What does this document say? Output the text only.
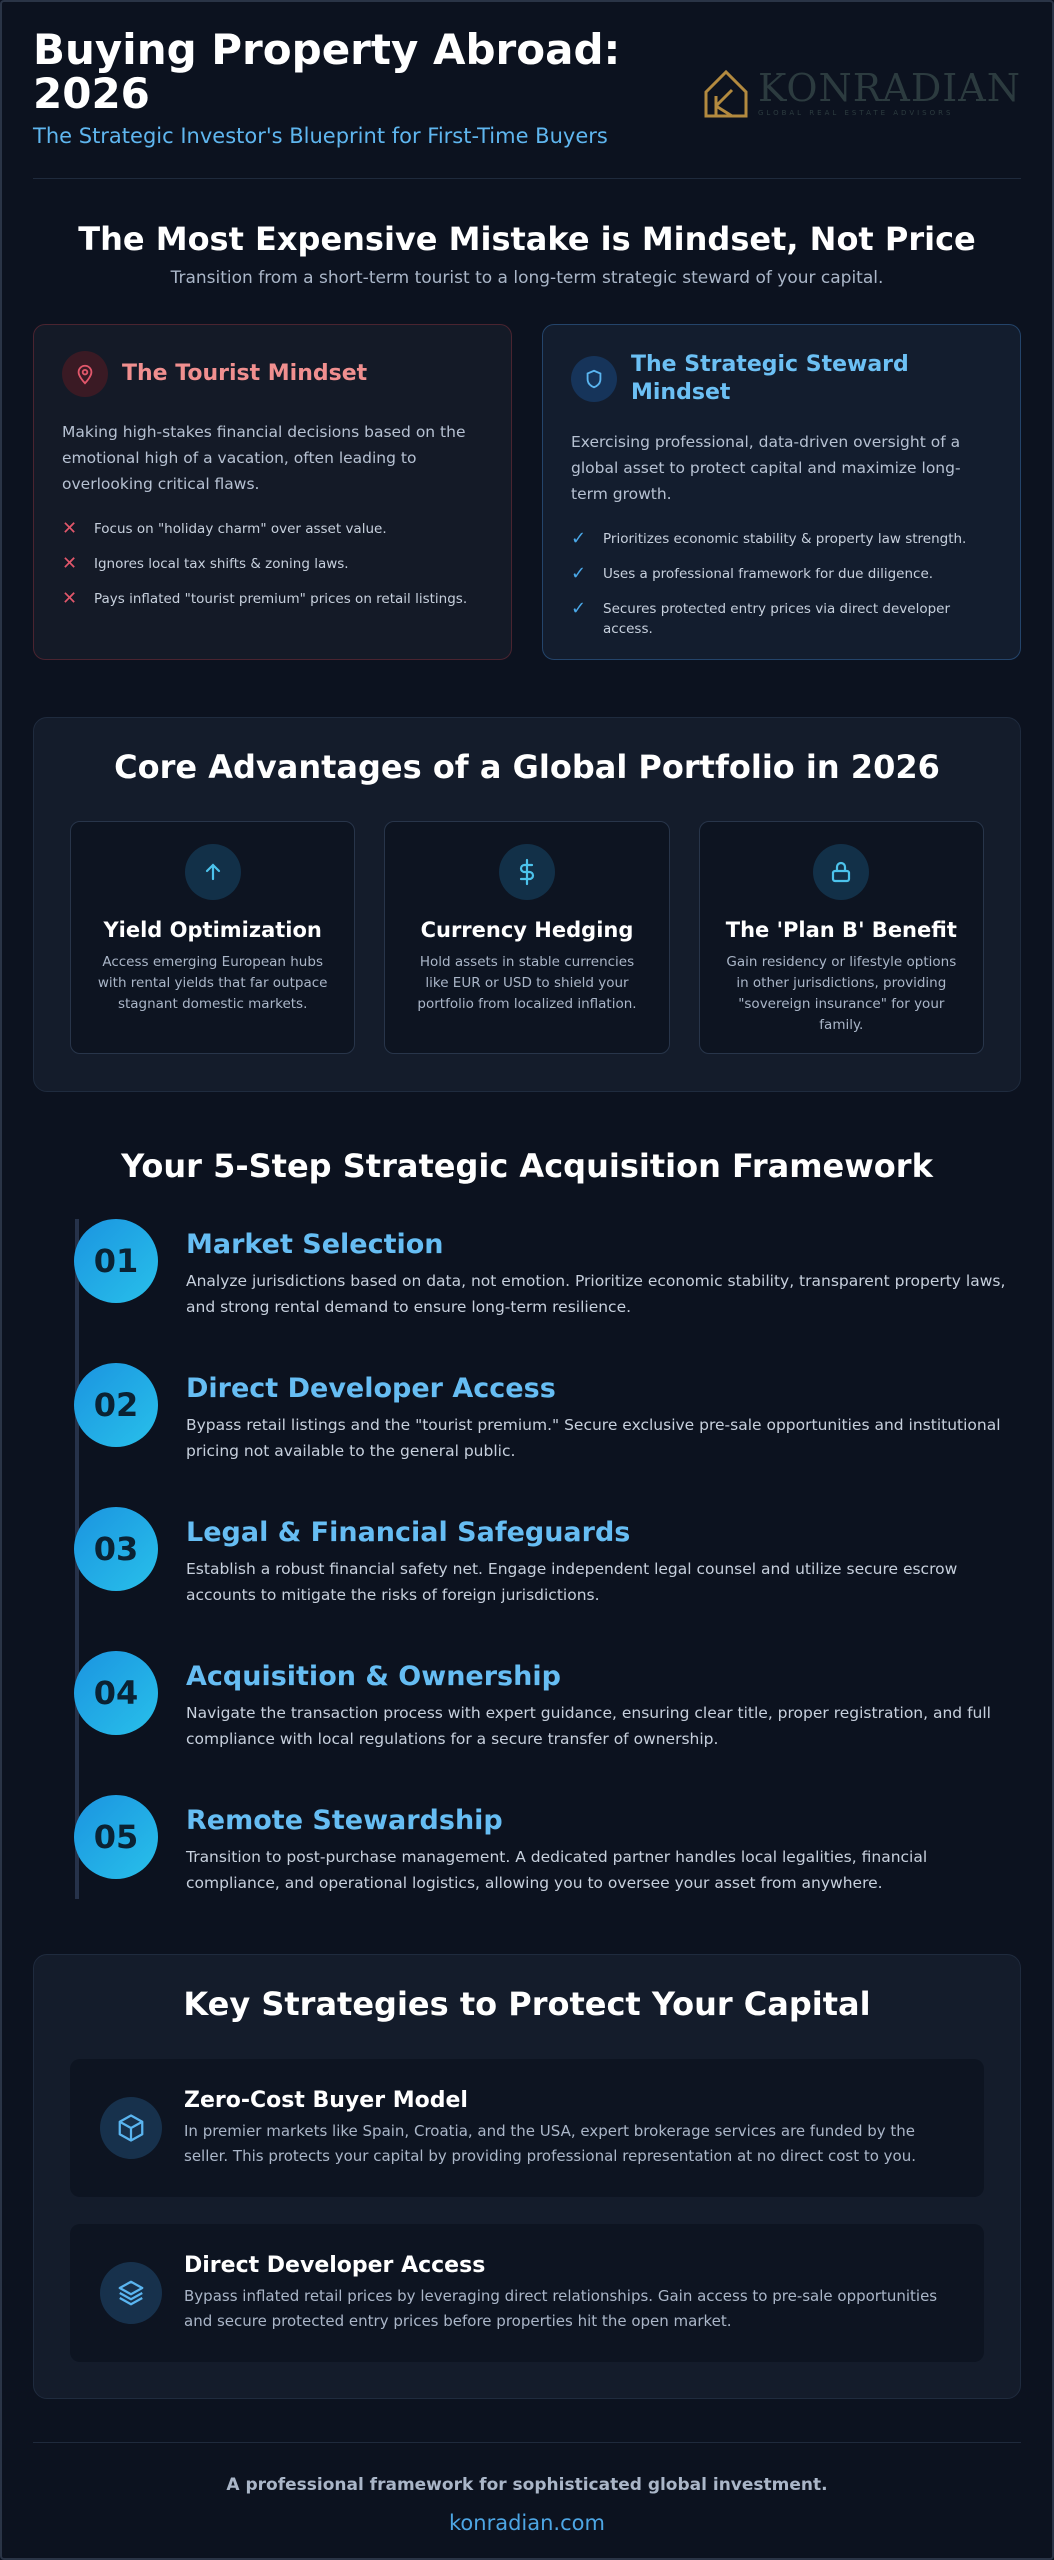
Buying Property Abroad: 2026
The Strategic Investor's Blueprint for First-Time Buyers
KONRADIAN
GLOBAL REAL ESTATE ADVISORS
The Most Expensive Mistake is Mindset, Not Price
Transition from a short-term tourist to a long-term strategic steward of your capital.
The Tourist Mindset
Making high-stakes financial decisions based on the emotional high of a vacation, often leading to overlooking critical flaws.
✕ Focus on "holiday charm" over asset value.
✕ Ignores local tax shifts & zoning laws.
✕ Pays inflated "tourist premium" prices on retail listings.
The Strategic Steward Mindset
Exercising professional, data-driven oversight of a global asset to protect capital and maximize long-term growth.
✓ Prioritizes economic stability & property law strength.
✓ Uses a professional framework for due diligence.
✓ Secures protected entry prices via direct developer access.
Core Advantages of a Global Portfolio in 2026
Yield Optimization
Access emerging European hubs with rental yields that far outpace stagnant domestic markets.
Currency Hedging
Hold assets in stable currencies like EUR or USD to shield your portfolio from localized inflation.
The 'Plan B' Benefit
Gain residency or lifestyle options in other jurisdictions, providing "sovereign insurance" for your family.
Your 5-Step Strategic Acquisition Framework
01	Market Selection
Analyze jurisdictions based on data, not emotion. Prioritize economic stability, transparent property laws, and strong rental demand to ensure long-term resilience.
02	Direct Developer Access
Bypass retail listings and the "tourist premium." Secure exclusive pre-sale opportunities and institutional pricing not available to the general public.
03	Legal & Financial Safeguards
Establish a robust financial safety net. Engage independent legal counsel and utilize secure escrow accounts to mitigate the risks of foreign jurisdictions.
04	Acquisition & Ownership
Navigate the transaction process with expert guidance, ensuring clear title, proper registration, and full compliance with local regulations for a secure transfer of ownership.
05	Remote Stewardship
Transition to post-purchase management. A dedicated partner handles local legalities, financial compliance, and operational logistics, allowing you to oversee your asset from anywhere.
Key Strategies to Protect Your Capital
Zero-Cost Buyer Model
In premier markets like Spain, Croatia, and the USA, expert brokerage services are funded by the seller. This protects your capital by providing professional representation at no direct cost to you.
Direct Developer Access
Bypass inflated retail prices by leveraging direct relationships. Gain access to pre-sale opportunities and secure protected entry prices before properties hit the open market.
A professional framework for sophisticated global investment.
konradian.com
